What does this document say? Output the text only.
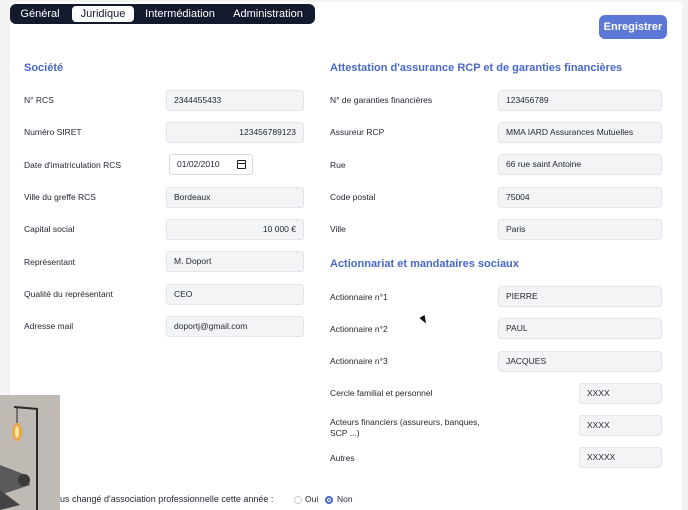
Général	Juridique	Intermédiation	Administration
Enregistrer
Société
N° RCS	2344455433
Numéro SIRET	123456789123
Date d'imatriculation RCS	01/02/2010
Ville du greffe RCS	Bordeaux
Capital social	10 000 €
Représentant	M. Doport
Qualité du représentant	CEO
Adresse mail	doportj@gmail.com
Attestation d'assurance RCP et de garanties financières
N° de garanties financières	123456789
Assureur RCP	MMA IARD Assurances Mutuelles
Rue	66 rue saint Antoine
Code postal	75004
Ville	Paris
Actionnariat et mandataires sociaux
Actionnaire n°1	PIERRE
Actionnaire n°2	PAUL
Actionnaire n°3	JACQUES
Cercle familial et personnel	XXXX
Acteurs financiers (assureurs, banques, SCP ...)
XXXX
Autres	XXXXX
us changé d'association professionnelle cette année :	Oui Non
